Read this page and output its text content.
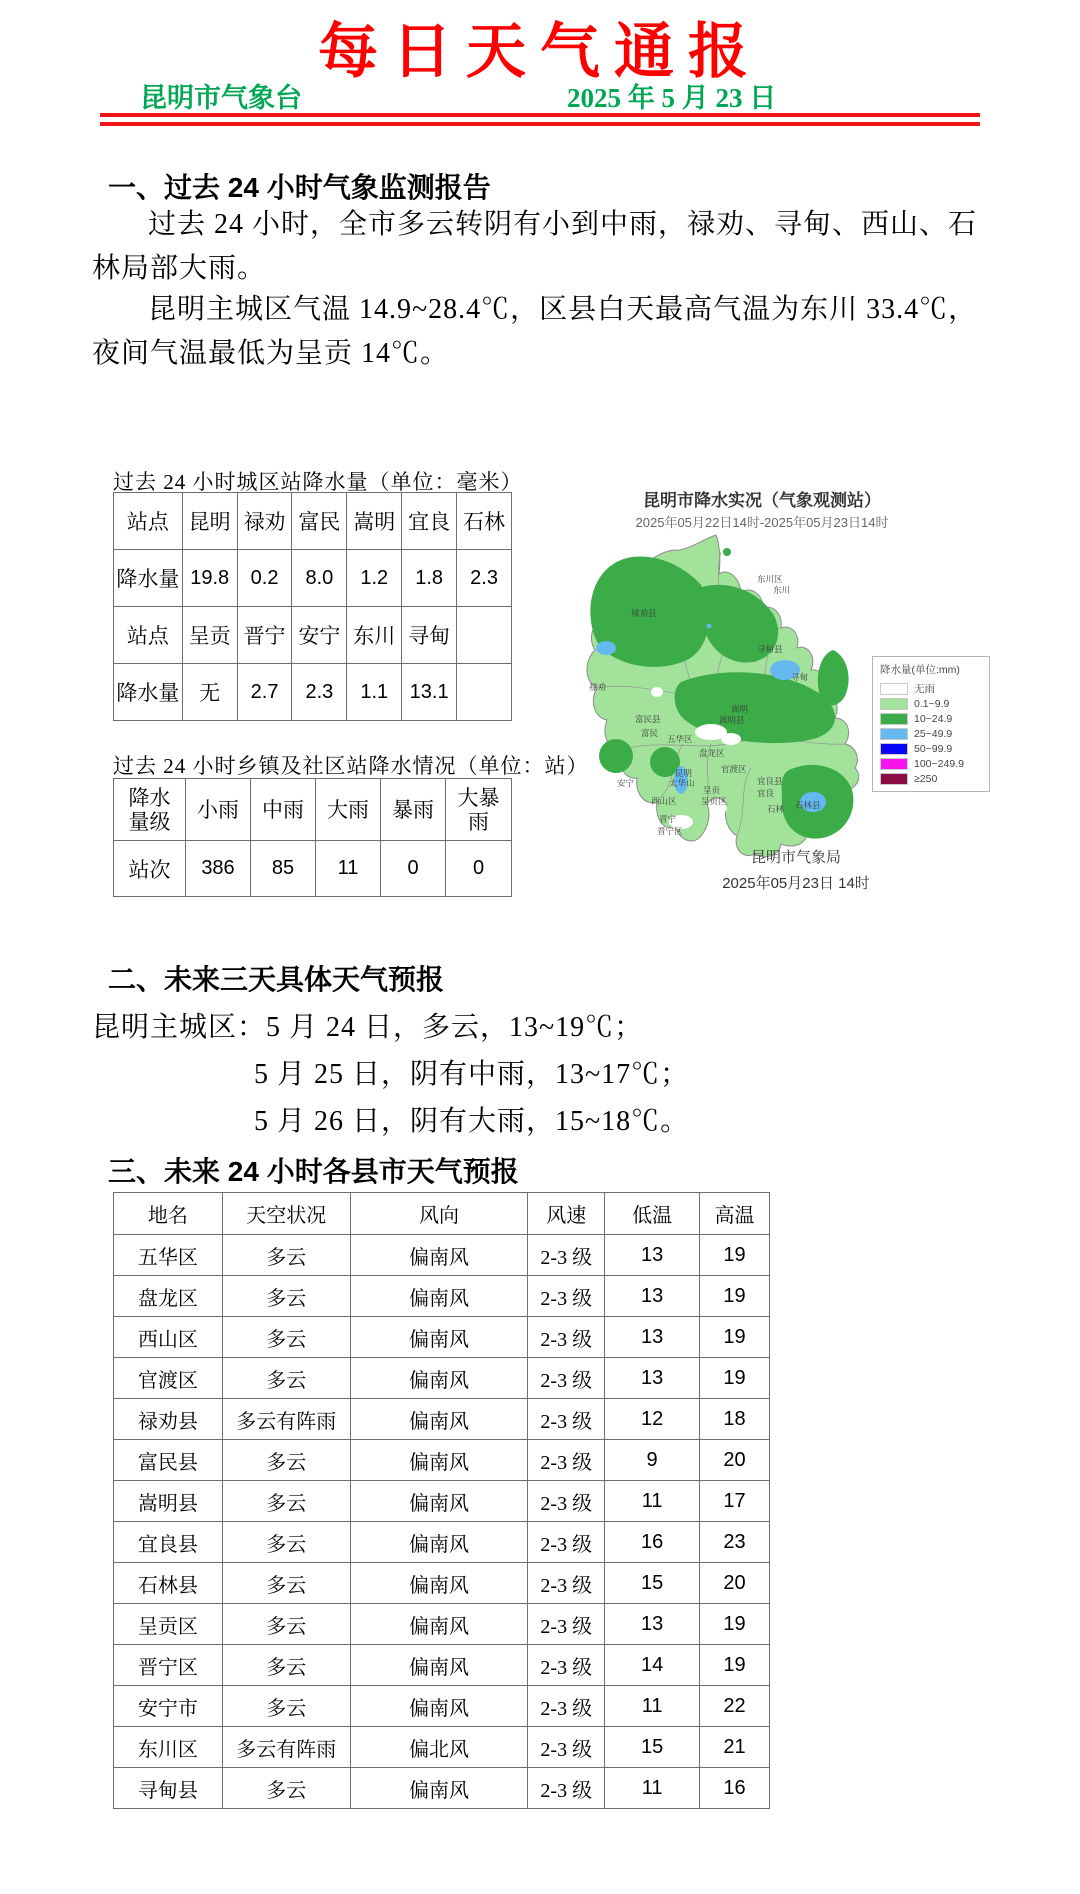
每日天气通报
昆明市气象台	2025 年 5 月 23 日
一、过去 24 小时气象监测报告
过去 24 小时，全市多云转阴有小到中雨，禄劝、寻甸、西山、石林局部大雨。
昆明主城区气温 14.9~28.4℃，区县白天最高气温为东川 33.4℃，夜间气温最低为呈贡 14℃。
过去 24 小时城区站降水量（单位：毫米）
站点	昆明	禄劝	富民	嵩明	宜良	石林
降水量	19.8	0.2	8.0	1.2	1.8	2.3
站点	呈贡	晋宁	安宁	东川	寻甸	
降水量	无	2.7	2.3	1.1	13.1	
过去 24 小时乡镇及社区站降水情况（单位：站）
降水量级	小雨	中雨	大雨	暴雨	大暴雨
站次	386	85	11	0	0
昆明市降水实况（气象观测站）
2025年05月22日14时-2025年05月23日14时
东川区
东川
禄劝县
禄劝
寻甸县
寻甸
嵩明
嵩明县
富民县
富民
五华区
盘龙区
官渡区
昆明
太华山
安宁
呈贡
呈贡区
宜良县
宜良
西山区
晋宁
晋宁区
石林 石林县
降水量(单位:mm)
无雨
0.1~9.9
10~24.9
25~49.9
50~99.9
100~249.9
≥250
昆明市气象局
2025年05月23日 14时
二、未来三天具体天气预报
昆明主城区：5 月 24 日，多云，13~19℃；
5 月 25 日，阴有中雨，13~17℃；
5 月 26 日，阴有大雨，15~18℃。
三、未来 24 小时各县市天气预报
地名	天空状况	风向	风速	低温	高温
五华区	多云	偏南风	2-3 级	13	19
盘龙区	多云	偏南风	2-3 级	13	19
西山区	多云	偏南风	2-3 级	13	19
官渡区	多云	偏南风	2-3 级	13	19
禄劝县	多云有阵雨	偏南风	2-3 级	12	18
富民县	多云	偏南风	2-3 级	9	20
嵩明县	多云	偏南风	2-3 级	11	17
宜良县	多云	偏南风	2-3 级	16	23
石林县	多云	偏南风	2-3 级	15	20
呈贡区	多云	偏南风	2-3 级	13	19
晋宁区	多云	偏南风	2-3 级	14	19
安宁市	多云	偏南风	2-3 级	11	22
东川区	多云有阵雨	偏北风	2-3 级	15	21
寻甸县	多云	偏南风	2-3 级	11	16
